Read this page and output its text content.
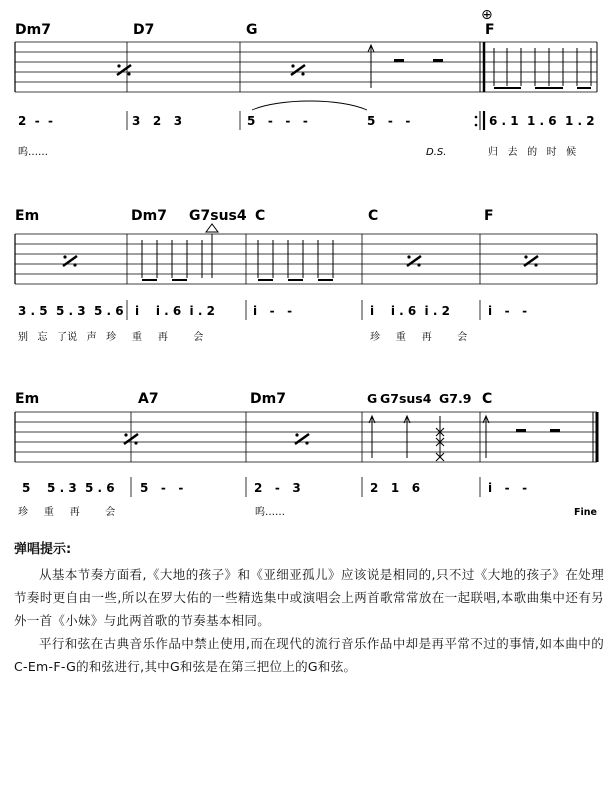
Dm7	D7	G
⊕
F
2  -  -	3   2   3	5   -   -   -	5   -   -	6 . 1  1 . 6  1 . 2
呜……	D.S.	归   去   的   时   候
Em	Dm7 G7sus4 C	C	F
3 . 5  5 . 3  5 . 6 i    i . 6  i . 2	i   -   -	i    i . 6  i . 2	i   -   -
别   忘   了说   声   珍     重     再        会	珍     重     再        会
Em	A7	Dm7	G G7sus4 G7.9 C
5    5 . 3  5 . 6 5   -   -	2   -   3	2   1   6	i   -   -
珍     重     再        会	呜……	Fine
弹唱提示:

从基本节奏方面看,《大地的孩子》和《亚细亚孤儿》应该说是相同的,只不过《大地的孩子》在处理节奏时更自由一些,所以在罗大佑的一些精选集中或演唱会上两首歌常常放在一起联唱,本歌曲集中还有另外一首《小妹》与此两首歌的节奏基本相同。

平行和弦在古典音乐作品中禁止使用,而在现代的流行音乐作品中却是再平常不过的事情,如本曲中的C-Em-F-G的和弦进行,其中G和弦是在第三把位上的G和弦。
